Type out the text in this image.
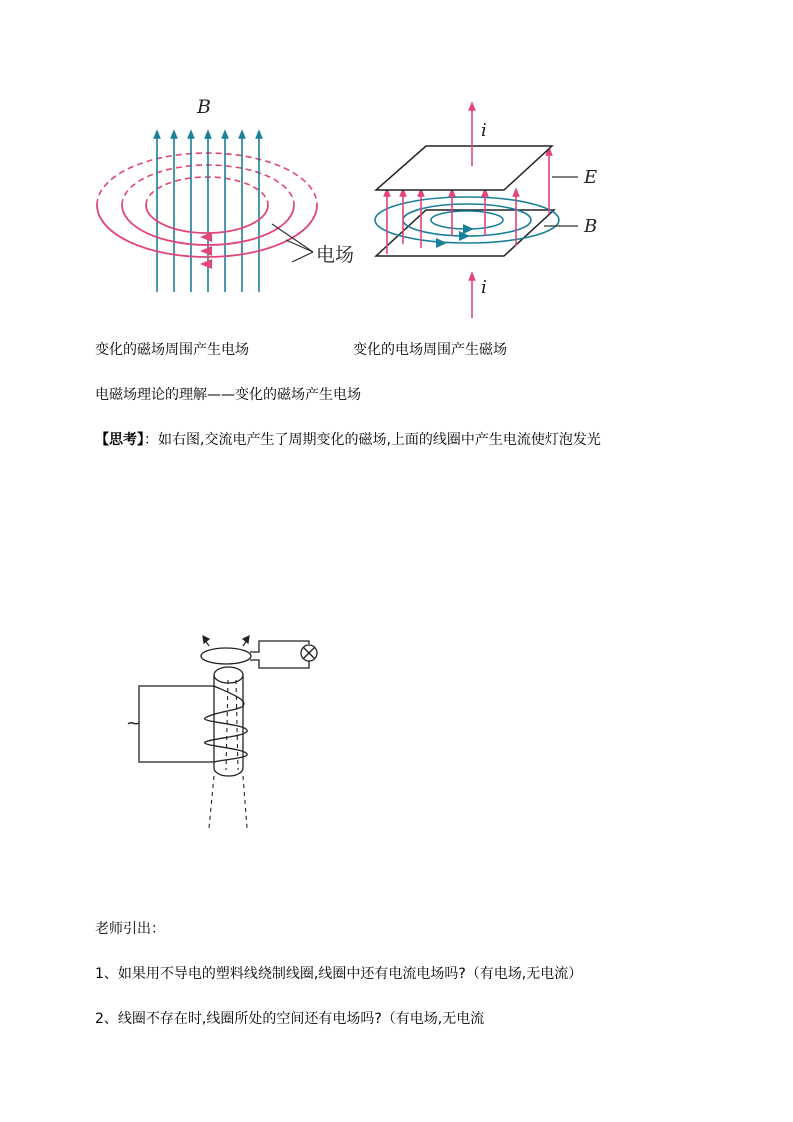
B
电场
i
i
E
B
变化的磁场周围产生电场	变化的电场周围产生磁场
电磁场理论的理解——变化的磁场产生电场
【思考】：如右图,交流电产生了周期变化的磁场,上面的线圈中产生电流使灯泡发光
~
老师引出：
1、如果用不导电的塑料线绕制线圈,线圈中还有电流电场吗?（有电场,无电流）
2、线圈不存在时,线圈所处的空间还有电场吗?（有电场,无电流
